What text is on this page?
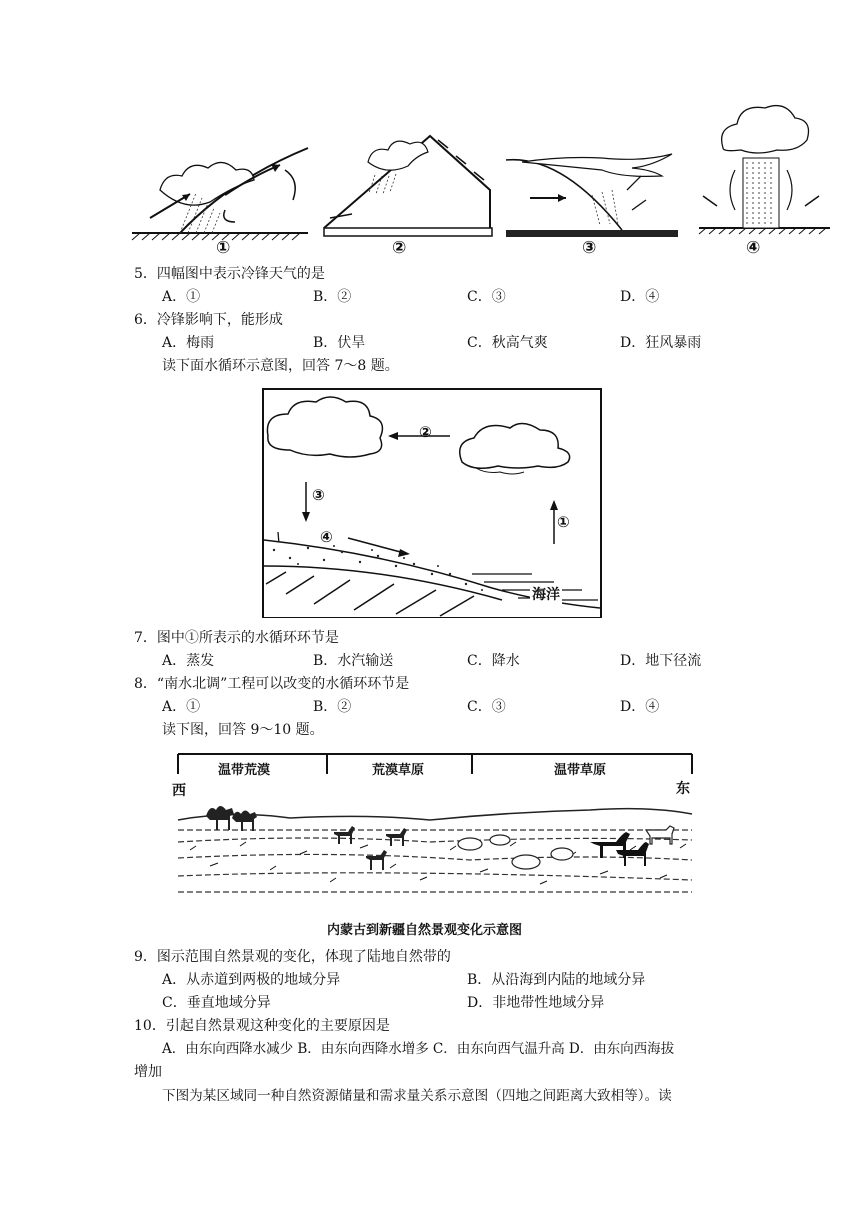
①	②	③	④
5．四幅图中表示冷锋天气的是
A．①	B．②	C．③	D．④
6．冷锋影响下，能形成
A．梅雨	B．伏旱	C．秋高气爽	D．狂风暴雨
读下面水循环示意图，回答 7～8 题。
②
③
④
①
海洋
7．图中①所表示的水循环环节是
A．蒸发	B．水汽输送	C．降水	D．地下径流
8．“南水北调”工程可以改变的水循环环节是
A．①	B．②	C．③	D．④
读下图，回答 9～10 题。
温带荒漠	荒漠草原	温带草原
西	东
内蒙古到新疆自然景观变化示意图
9．图示范围自然景观的变化，体现了陆地自然带的
A．从赤道到两极的地域分异	B．从沿海到内陆的地域分异
C．垂直地域分异	D．非地带性地域分异
10．引起自然景观这种变化的主要原因是
A．由东向西降水减少 B．由东向西降水增多 C．由东向西气温升高 D．由东向西海拔
增加
下图为某区域同一种自然资源储量和需求量关系示意图（四地之间距离大致相等）。读
